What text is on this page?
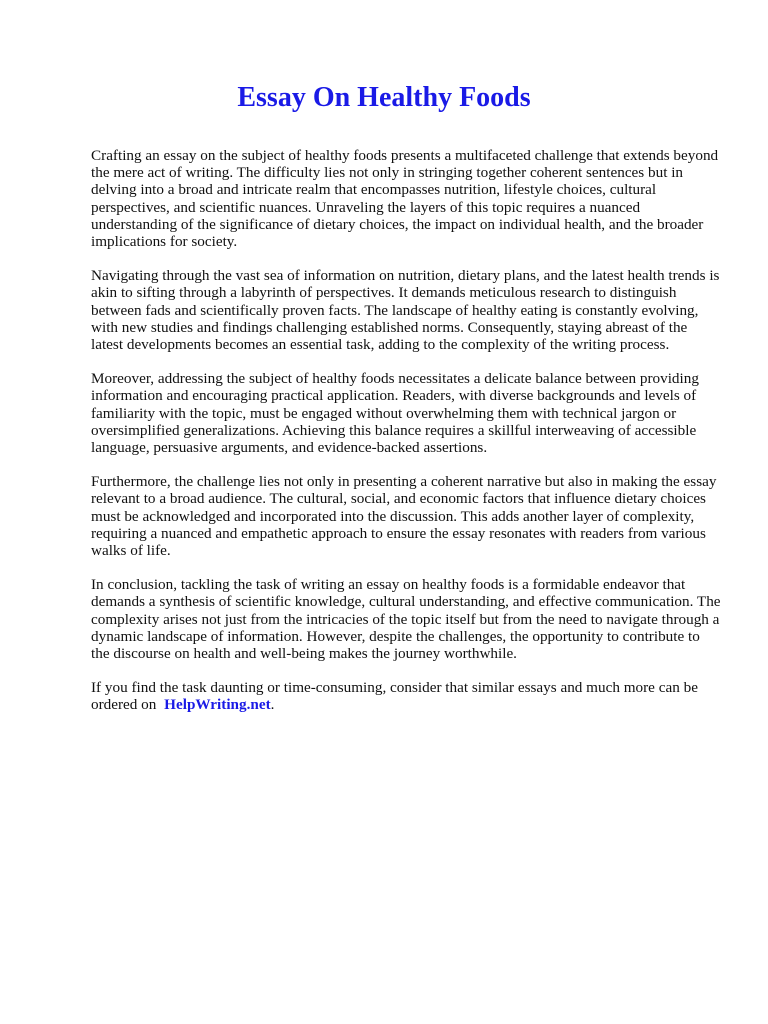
Essay On Healthy Foods

Crafting an essay on the subject of healthy foods presents a multifaceted challenge that extends beyond the mere act of writing. The difficulty lies not only in stringing together coherent sentences but in delving into a broad and intricate realm that encompasses nutrition, lifestyle choices, cultural perspectives, and scientific nuances. Unraveling the layers of this topic requires a nuanced understanding of the significance of dietary choices, the impact on individual health, and the broader implications for society.

Navigating through the vast sea of information on nutrition, dietary plans, and the latest health trends is akin to sifting through a labyrinth of perspectives. It demands meticulous research to distinguish between fads and scientifically proven facts. The landscape of healthy eating is constantly evolving, with new studies and findings challenging established norms. Consequently, staying abreast of the latest developments becomes an essential task, adding to the complexity of the writing process.

Moreover, addressing the subject of healthy foods necessitates a delicate balance between providing information and encouraging practical application. Readers, with diverse backgrounds and levels of familiarity with the topic, must be engaged without overwhelming them with technical jargon or oversimplified generalizations. Achieving this balance requires a skillful interweaving of accessible language, persuasive arguments, and evidence-backed assertions.

Furthermore, the challenge lies not only in presenting a coherent narrative but also in making the essay relevant to a broad audience. The cultural, social, and economic factors that influence dietary choices must be acknowledged and incorporated into the discussion. This adds another layer of complexity, requiring a nuanced and empathetic approach to ensure the essay resonates with readers from various walks of life.

In conclusion, tackling the task of writing an essay on healthy foods is a formidable endeavor that demands a synthesis of scientific knowledge, cultural understanding, and effective communication. The complexity arises not just from the intricacies of the topic itself but from the need to navigate through a dynamic landscape of information. However, despite the challenges, the opportunity to contribute to the discourse on health and well-being makes the journey worthwhile.

If you find the task daunting or time-consuming, consider that similar essays and much more can be ordered on HelpWriting.net.
